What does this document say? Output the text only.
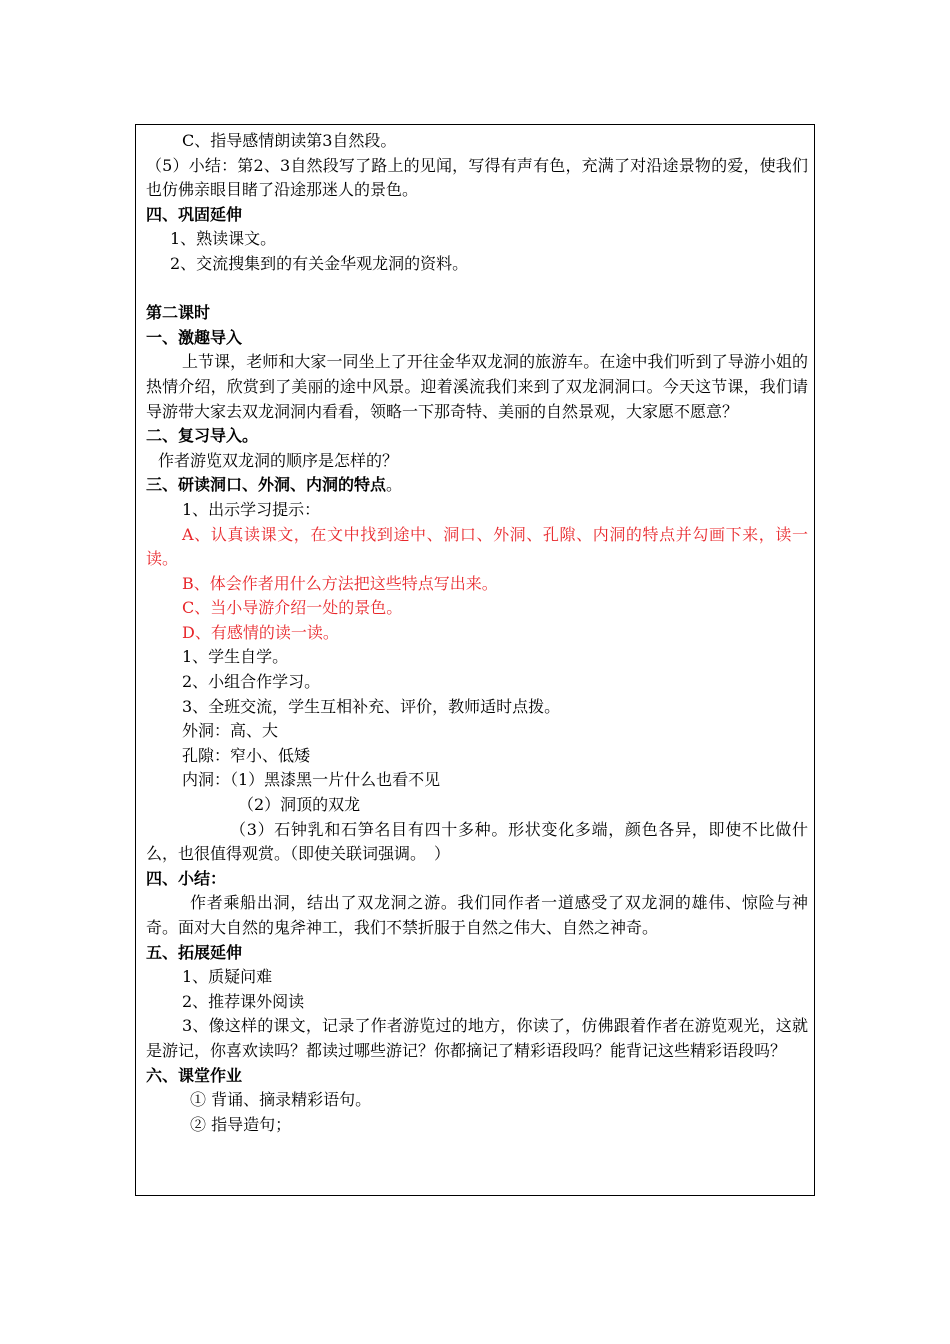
C、指导感情朗读第3自然段。
（5）小结：第2、3自然段写了路上的见闻，写得有声有色，充满了对沿途景物的爱，使我们也仿佛亲眼目睹了沿途那迷人的景色。
四、巩固延伸
1、熟读课文。
2、交流搜集到的有关金华观龙洞的资料。
第二课时
一、激趣导入
上节课，老师和大家一同坐上了开往金华双龙洞的旅游车。在途中我们听到了导游小姐的热情介绍，欣赏到了美丽的途中风景。迎着溪流我们来到了双龙洞洞口。今天这节课，我们请导游带大家去双龙洞洞内看看，领略一下那奇特、美丽的自然景观，大家愿不愿意？
二、复习导入。
作者游览双龙洞的顺序是怎样的？
三、研读洞口、外洞、内洞的特点。
1、出示学习提示：
A、认真读课文，在文中找到途中、洞口、外洞、孔隙、内洞的特点并勾画下来，读一读。
B、体会作者用什么方法把这些特点写出来。
C、当小导游介绍一处的景色。
D、有感情的读一读。
1、学生自学。
2、小组合作学习。
3、全班交流，学生互相补充、评价，教师适时点拨。
外洞：高、大
孔隙：窄小、低矮
内洞：（1）黑漆黑一片什么也看不见
（2）洞顶的双龙
（3）石钟乳和石笋名目有四十多种。形状变化多端，颜色各异，即使不比做什么，也很值得观赏。（即使关联词强调。　）
四、小结：
作者乘船出洞，结出了双龙洞之游。我们同作者一道感受了双龙洞的雄伟、惊险与神奇。面对大自然的鬼斧神工，我们不禁折服于自然之伟大、自然之神奇。
五、拓展延伸
1、质疑问难
2、推荐课外阅读
3、像这样的课文，记录了作者游览过的地方，你读了，仿佛跟着作者在游览观光，这就是游记，你喜欢读吗？都读过哪些游记？你都摘记了精彩语段吗？能背记这些精彩语段吗？
六、课堂作业
① 背诵、摘录精彩语句。
② 指导造句；
